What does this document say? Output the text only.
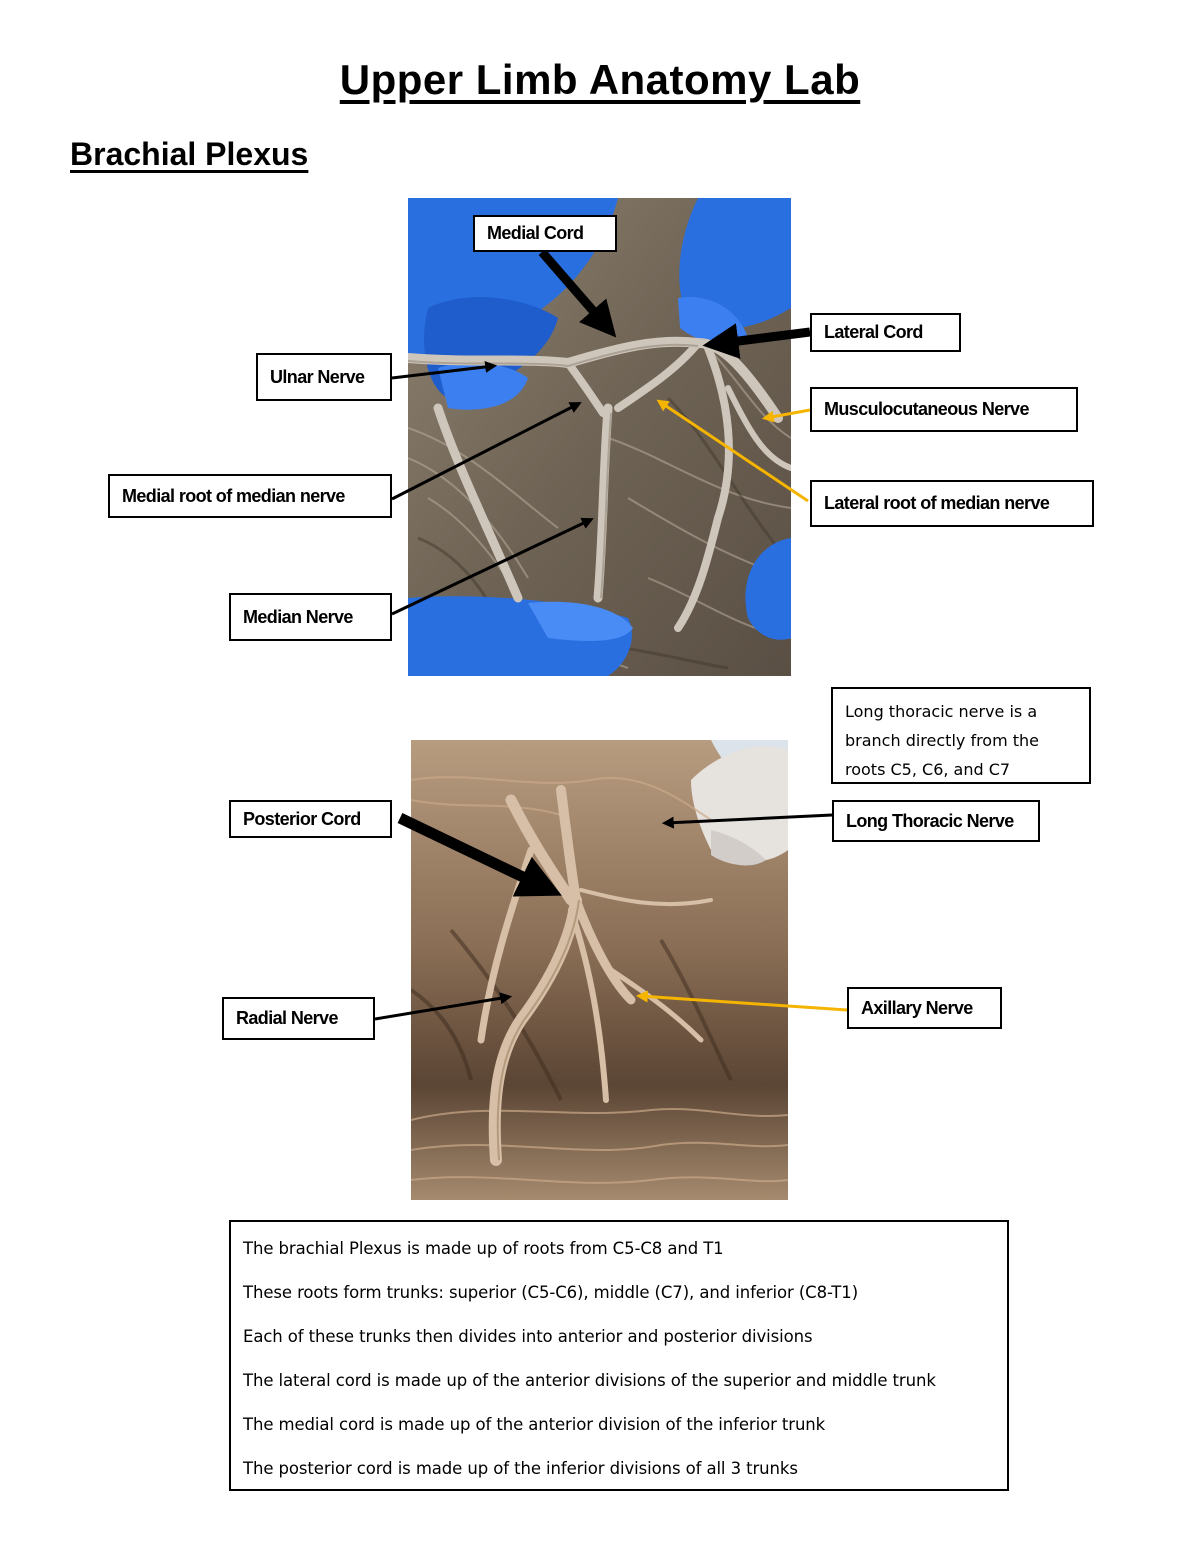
Upper Limb Anatomy Lab
Brachial Plexus
Medial Cord
Lateral Cord
Ulnar Nerve
Musculocutaneous Nerve
Medial root of median nerve	Lateral root of median nerve
Median Nerve
Long thoracic nerve is a branch directly from the roots C5, C6, and C7
Posterior Cord	Long Thoracic Nerve
Radial Nerve
Axillary Nerve

The brachial Plexus is made up of roots from C5-C8 and T1

These roots form trunks: superior (C5-C6), middle (C7), and inferior (C8-T1)

Each of these trunks then divides into anterior and posterior divisions

The lateral cord is made up of the anterior divisions of the superior and middle trunk

The medial cord is made up of the anterior division of the inferior trunk

The posterior cord is made up of the inferior divisions of all 3 trunks
